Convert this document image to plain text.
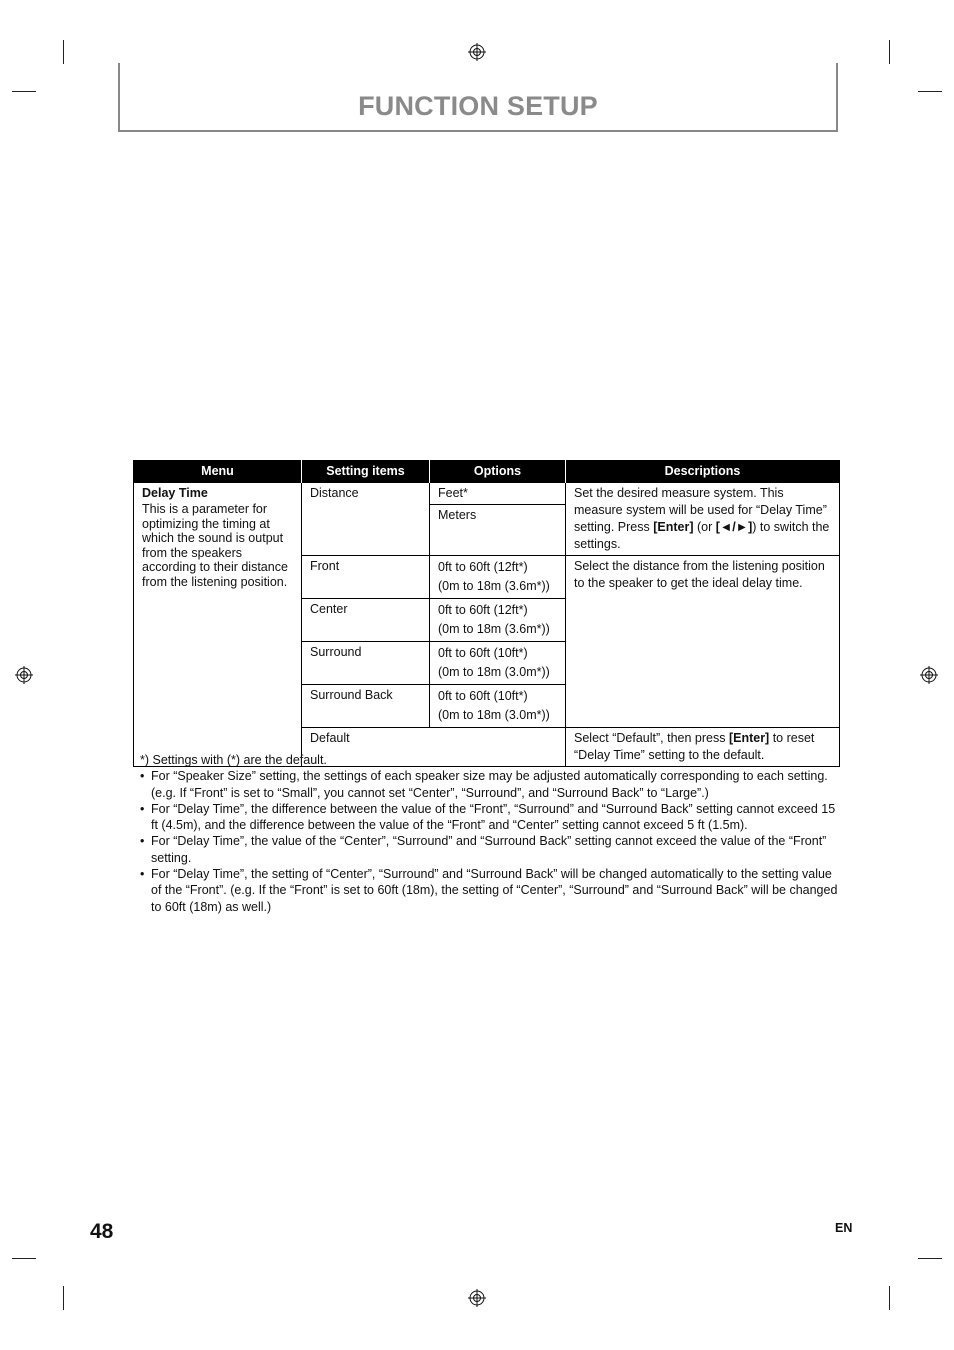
FUNCTION SETUP
Menu	Setting items	Options	Descriptions

Delay Time
This is a parameter for optimizing the timing at which the sound is output from the speakers according to their distance from the listening position.	Distance	Feet*	Set the desired measure system. This measure system will be used for “Delay Time” setting. Press [Enter] (or [◄/►]) to switch the settings.
		Meters	
	Front	0ft to 60ft (12ft*)
(0m to 18m (3.6m*))	Select the distance from the listening position to the speaker to get the ideal delay time.
	Center	0ft to 60ft (12ft*)
(0m to 18m (3.6m*))	

	Surround	0ft to 60ft (10ft*)
(0m to 18m (3.0m*))	

	Surround Back	0ft to 60ft (10ft*)
(0m to 18m (3.0m*))	

	Default		Select “Default”, then press [Enter] to reset “Delay Time” setting to the default.
*) Settings with (*) are the default.
• For “Speaker Size” setting, the settings of each speaker size may be adjusted automatically corresponding to each setting. (e.g. If “Front” is set to “Small”, you cannot set “Center”, “Surround”, and “Surround Back” to “Large”.)
• For “Delay Time”, the difference between the value of the “Front”, “Surround” and “Surround Back” setting cannot exceed 15 ft (4.5m), and the difference between the value of the “Front” and “Center” setting cannot exceed 5 ft (1.5m).
• For “Delay Time”, the value of the “Center”, “Surround” and “Surround Back” setting cannot exceed the value of the “Front” setting.
• For “Delay Time”, the setting of “Center”, “Surround” and “Surround Back” will be changed automatically to the setting value of the “Front”. (e.g. If the “Front” is set to 60ft (18m), the setting of “Center”, “Surround” and “Surround Back” will be changed to 60ft (18m) as well.)
48	EN
